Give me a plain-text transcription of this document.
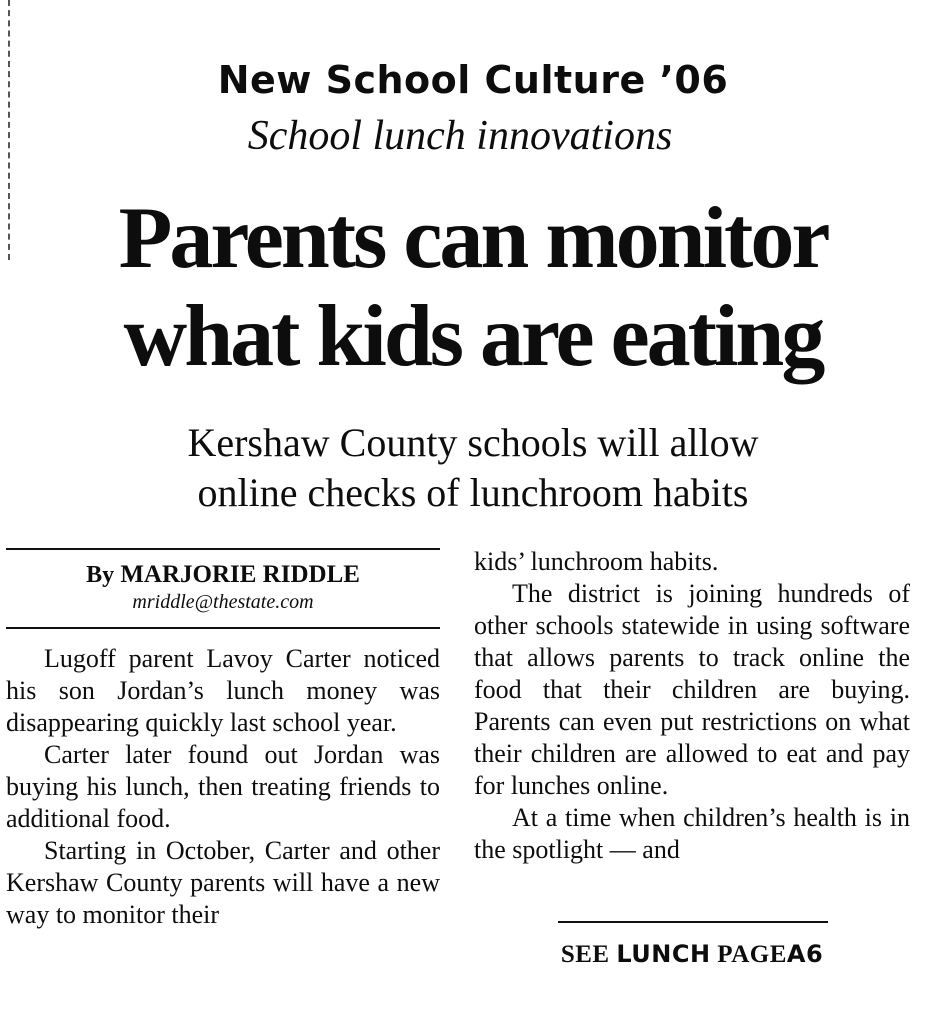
New School Culture ’06
School lunch innovations
Parents can monitor
what kids are eating
Kershaw County schools will allow
online checks of lunchroom habits
By MARJORIE RIDDLE
mriddle@thestate.com

Lugoff parent Lavoy Carter noticed his son Jordan’s lunch money was disappearing quickly last school year.

Carter later found out Jordan was buying his lunch, then treating friends to additional food.

Starting in October, Carter and other Kershaw County parents will have a new way to monitor their

kids’ lunchroom habits.

The district is joining hundreds of other schools statewide in using software that allows parents to track online the food that their children are buying. Parents can even put restrictions on what their children are allowed to eat and pay for lunches online.

At a time when children’s health is in the spotlight — and

SEE LUNCH PAGEA6
